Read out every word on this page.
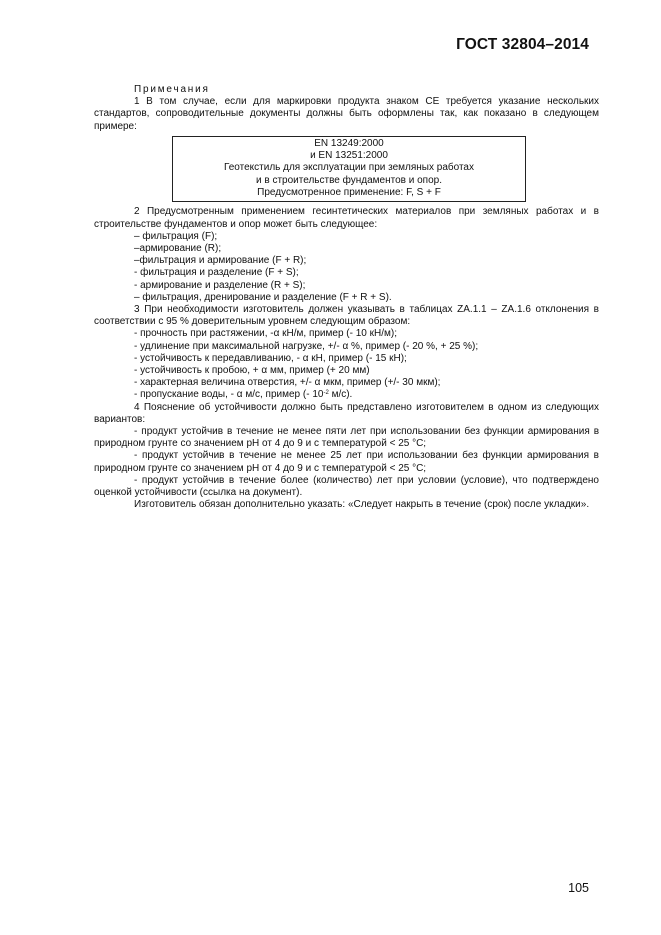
ГОСТ 32804–2014

Примечания

1 В том случае, если для маркировки продукта знаком CE требуется указание нескольких стандартов, сопроводительные документы должны быть оформлены так, как показано в следующем примере:

EN 13249:2000
и EN 13251:2000
Геотекстиль для эксплуатации при земляных работах
и в строительстве фундаментов и опор.
Предусмотренное применение: F, S + F

2 Предусмотренным применением гесинтетических материалов при земляных работах и в строительстве фундаментов и опор может быть следующее:

– фильтрация (F);

–армирование (R);

–фильтрация и армирование (F + R);

- фильтрация и разделение (F + S);

- армирование и разделение (R + S);

– фильтрация, дренирование и разделение (F + R + S).

3 При необходимости изготовитель должен указывать в таблицах ZA.1.1 – ZA.1.6 отклонения в соответствии с 95 % доверительным уровнем следующим образом:

- прочность при растяжении, -α кН/м, пример (- 10 кН/м);

- удлинение при максимальной нагрузке, +/- α %, пример (- 20 %, + 25 %);

- устойчивость к передавливанию, - α кН, пример (- 15 кН);

- устойчивость к пробою, + α мм, пример (+ 20 мм)

- характерная величина отверстия, +/- α мкм, пример (+/- 30 мкм);

- пропускание воды, - α м/с, пример (- $10^{-2}$ м/с).

4 Пояснение об устойчивости должно быть представлено изготовителем в одном из следующих вариантов:

- продукт устойчив в течение не менее пяти лет при использовании без функции армирования в природном грунте со значением pH от 4 до 9 и с температурой < 25 °C;

- продукт устойчив в течение не менее 25 лет при использовании без функции армирования в природном грунте со значением pH от 4 до 9 и с температурой < 25 °C;

- продукт устойчив в течение более (количество) лет при условии (условие), что подтверждено оценкой устойчивости (ссылка на документ).

Изготовитель обязан дополнительно указать: «Следует накрыть в течение (срок) после укладки».

105
